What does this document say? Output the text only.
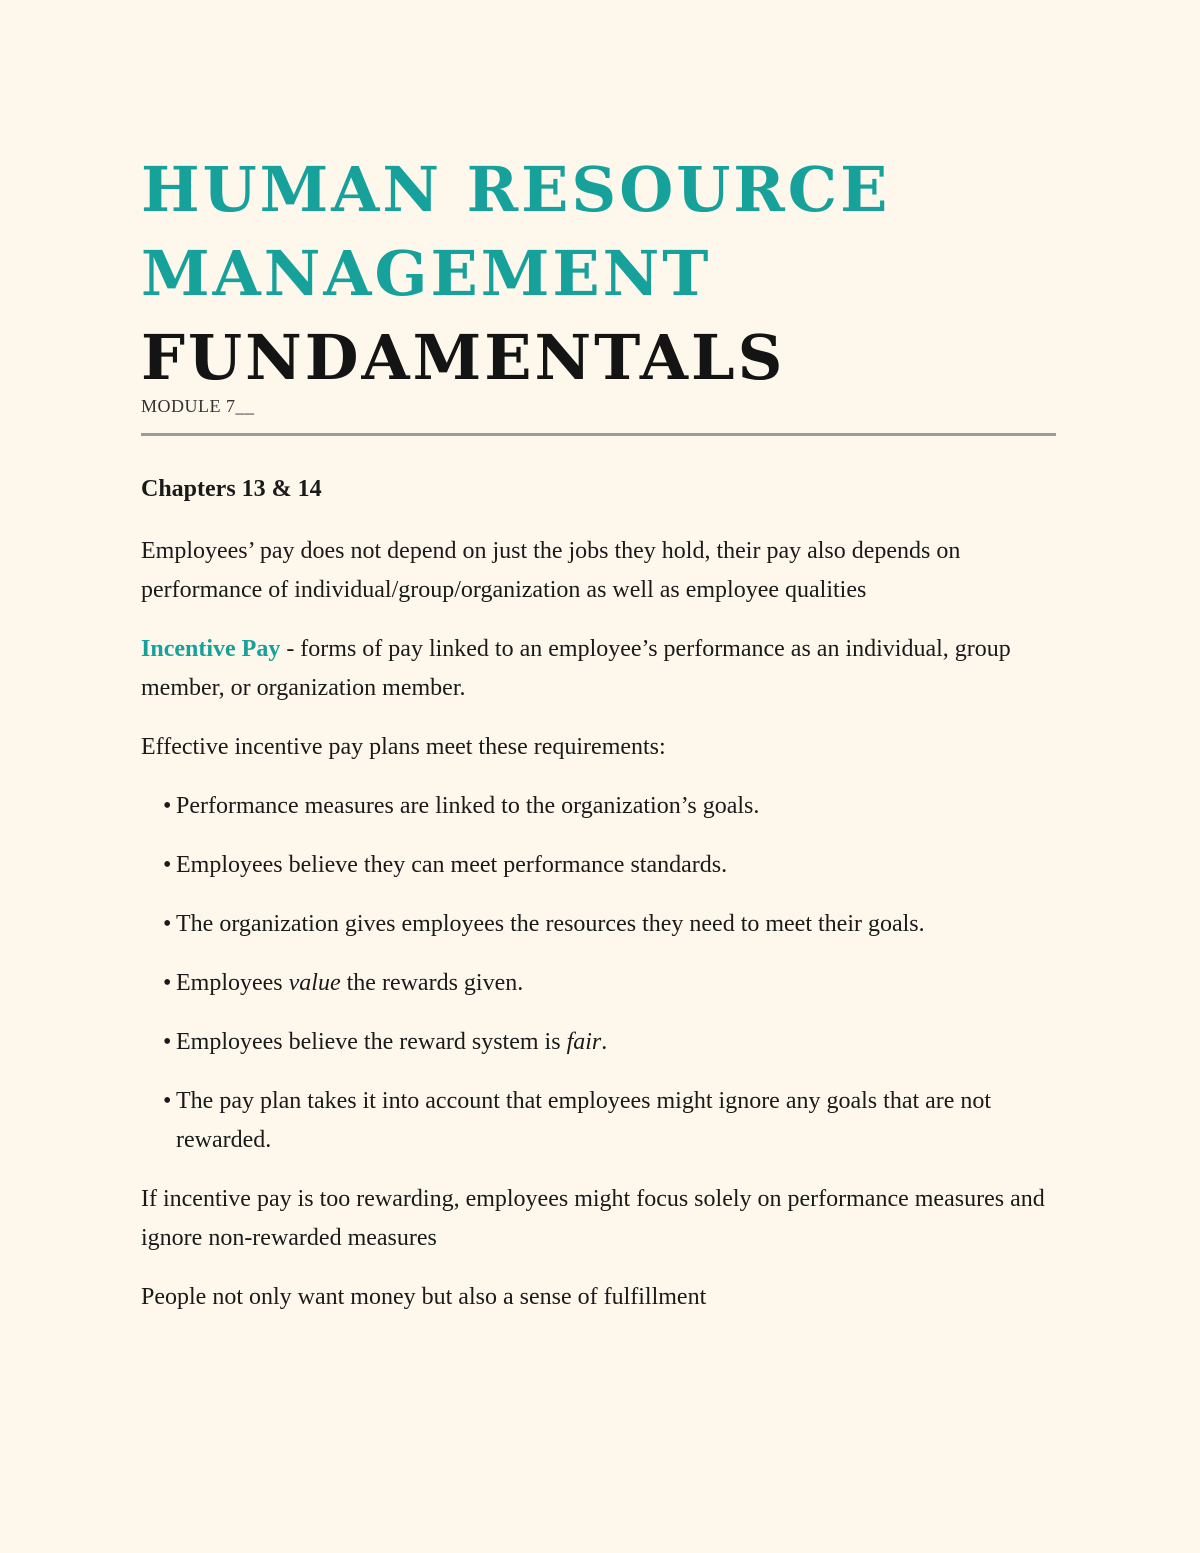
HUMAN RESOURCE
MANAGEMENT
FUNDAMENTALS
MODULE 7__
Chapters 13 & 14

Employees’ pay does not depend on just the jobs they hold, their pay also depends on performance of individual/group/organization as well as employee qualities

Incentive Pay - forms of pay linked to an employee’s performance as an individual, group member, or organization member.

Effective incentive pay plans meet these requirements:

• Performance measures are linked to the organization’s goals.
• Employees believe they can meet performance standards.
• The organization gives employees the resources they need to meet their goals.
• Employees value the rewards given.
• Employees believe the reward system is fair.
• The pay plan takes it into account that employees might ignore any goals that are not rewarded.

If incentive pay is too rewarding, employees might focus solely on performance measures and ignore non-rewarded measures

People not only want money but also a sense of fulfillment
